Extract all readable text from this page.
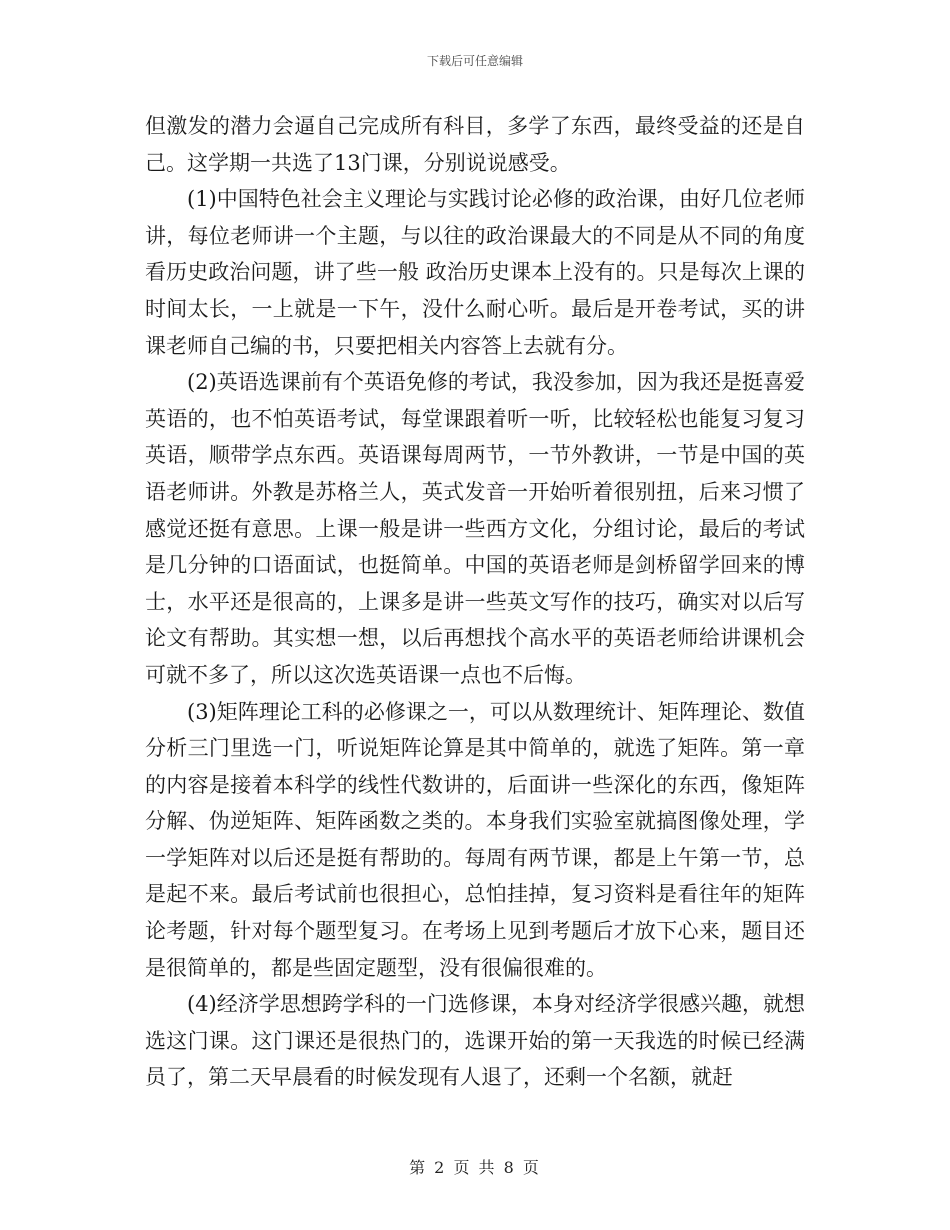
下载后可任意编辑

但激发的潜力会逼自己完成所有科目，多学了东西，最终受益的还是自己。这学期一共选了13门课，分别说说感受。

(1)中国特色社会主义理论与实践讨论必修的政治课，由好几位老师讲，每位老师讲一个主题，与以往的政治课最大的不同是从不同的角度看历史政治问题，讲了些一般 政治历史课本上没有的。只是每次上课的时间太长，一上就是一下午，没什么耐心听。最后是开卷考试，买的讲课老师自己编的书，只要把相关内容答上去就有分。

(2)英语选课前有个英语免修的考试，我没参加，因为我还是挺喜爱英语的，也不怕英语考试，每堂课跟着听一听，比较轻松也能复习复习 英语，顺带学点东西。英语课每周两节，一节外教讲，一节是中国的英语老师讲。外教是苏格兰人，英式发音一开始听着很别扭，后来习惯了感觉还挺有意思。上课一般是讲一些西方文化，分组讨论，最后的考试是几分钟的口语面试，也挺简单。中国的英语老师是剑桥留学回来的博士，水平还是很高的，上课多是讲一些英文写作的技巧，确实对以后写论文有帮助。其实想一想，以后再想找个高水平的英语老师给讲课机会可就不多了，所以这次选英语课一点也不后悔。

(3)矩阵理论工科的必修课之一，可以从数理统计、矩阵理论、数值分析三门里选一门，听说矩阵论算是其中简单的，就选了矩阵。第一章的内容是接着本科学的线性代数讲的，后面讲一些深化的东西，像矩阵分解、伪逆矩阵、矩阵函数之类的。本身我们实验室就搞图像处理，学一学矩阵对以后还是挺有帮助的。每周有两节课，都是上午第一节，总是起不来。最后考试前也很担心，总怕挂掉，复习资料是看往年的矩阵论考题，针对每个题型复习。在考场上见到考题后才放下心来，题目还是很简单的，都是些固定题型，没有很偏很难的。

(4)经济学思想跨学科的一门选修课，本身对经济学很感兴趣，就想选这门课。这门课还是很热门的，选课开始的第一天我选的时候已经满员了，第二天早晨看的时候发现有人退了，还剩一个名额，就赶

第 2 页 共 8 页
